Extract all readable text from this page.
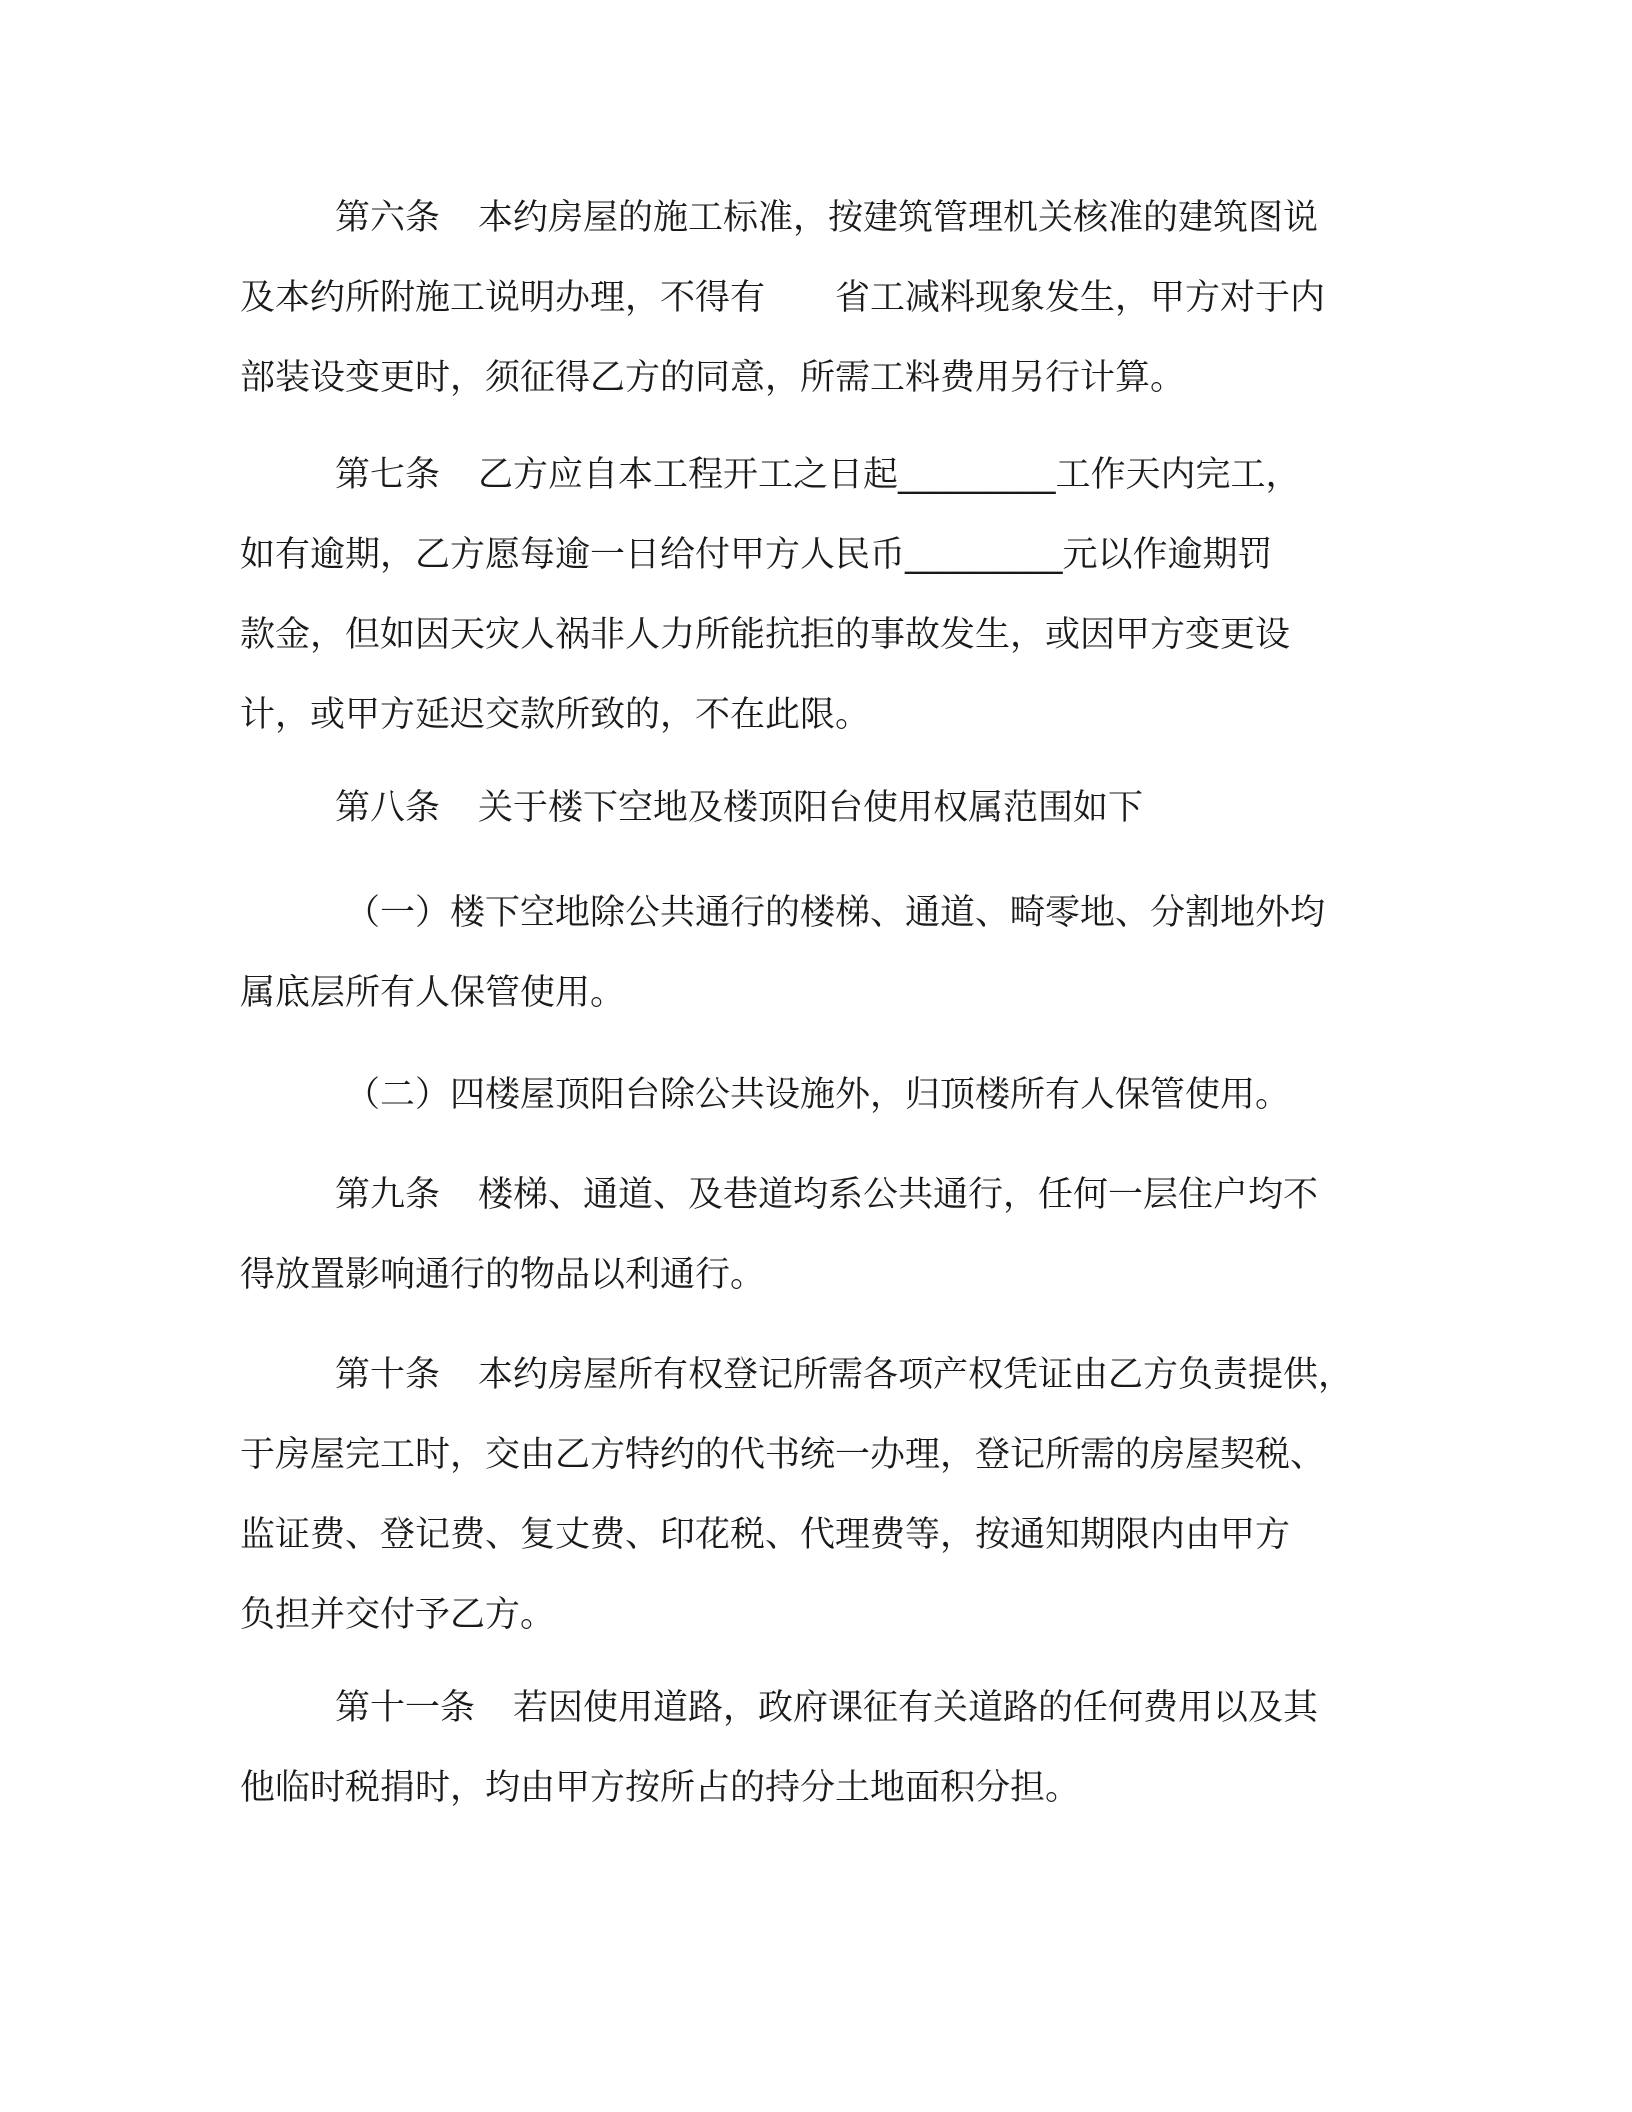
第六条 本约房屋的施工标准，按建筑管理机关核准的建筑图说
及本约所附施工说明办理，不得有 省工减料现象发生，甲方对于内
部装设变更时，须征得乙方的同意，所需工料费用另行计算。
第七条 乙方应自本工程开工之日起_________工作天内完工，
如有逾期，乙方愿每逾一日给付甲方人民币_________元以作逾期罚
款金，但如因天灾人祸非人力所能抗拒的事故发生，或因甲方变更设
计，或甲方延迟交款所致的，不在此限。
第八条 关于楼下空地及楼顶阳台使用权属范围如下
（一）楼下空地除公共通行的楼梯、通道、畸零地、分割地外均
属底层所有人保管使用。
（二）四楼屋顶阳台除公共设施外，归顶楼所有人保管使用。
第九条 楼梯、通道、及巷道均系公共通行，任何一层住户均不
得放置影响通行的物品以利通行。
第十条 本约房屋所有权登记所需各项产权凭证由乙方负责提供，
于房屋完工时，交由乙方特约的代书统一办理，登记所需的房屋契税、
监证费、登记费、复丈费、印花税、代理费等，按通知期限内由甲方
负担并交付予乙方。
第十一条 若因使用道路，政府课征有关道路的任何费用以及其
他临时税捐时，均由甲方按所占的持分土地面积分担。
